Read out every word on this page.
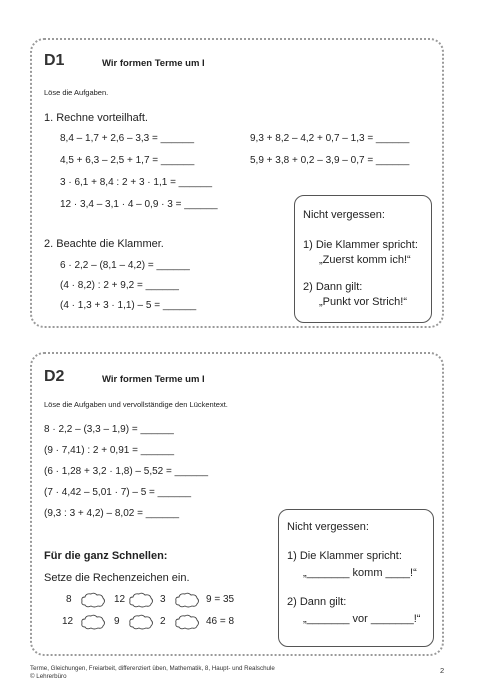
D1	Wir formen Terme um I
Löse die Aufgaben.
1. Rechne vorteilhaft.
8,4 – 1,7 + 2,6 – 3,3 = ______
4,5 + 6,3 – 2,5 + 1,7 = ______
3 · 6,1 + 8,4 : 2 + 3 · 1,1 = ______
12 · 3,4 – 3,1 · 4 – 0,9 · 3 = ______
9,3 + 8,2 – 4,2 + 0,7 – 1,3 = ______
5,9 + 3,8 + 0,2 – 3,9 – 0,7 = ______
2. Beachte die Klammer.
6 · 2,2 – (8,1 – 4,2) = ______
(4 · 8,2) : 2 + 9,2 = ______
(4 · 1,3 + 3 · 1,1) – 5 = ______
Nicht vergessen:
1) Die Klammer spricht:
„Zuerst komm ich!“
2) Dann gilt:
„Punkt vor Strich!“
D2	Wir formen Terme um I
Löse die Aufgaben und vervollständige den Lückentext.
8 · 2,2 – (3,3 – 1,9) = ______
(9 · 7,41) : 2 + 0,91 = ______
(6 · 1,28 + 3,2 · 1,8) – 5,52 = ______
(7 · 4,42 – 5,01 · 7) – 5 = ______
(9,3 : 3 + 4,2) – 8,02 = ______
Für die ganz Schnellen:
Setze die Rechenzeichen ein.
8	12	3	9 = 35
12	9	2	46 = 8
Nicht vergessen:
1) Die Klammer spricht:
„_______ komm ____!“
2) Dann gilt:
„_______ vor _______!“
Terme, Gleichungen, Freiarbeit, differenziert üben, Mathematik, 8, Haupt- und Realschule
© Lehrerbüro
2
